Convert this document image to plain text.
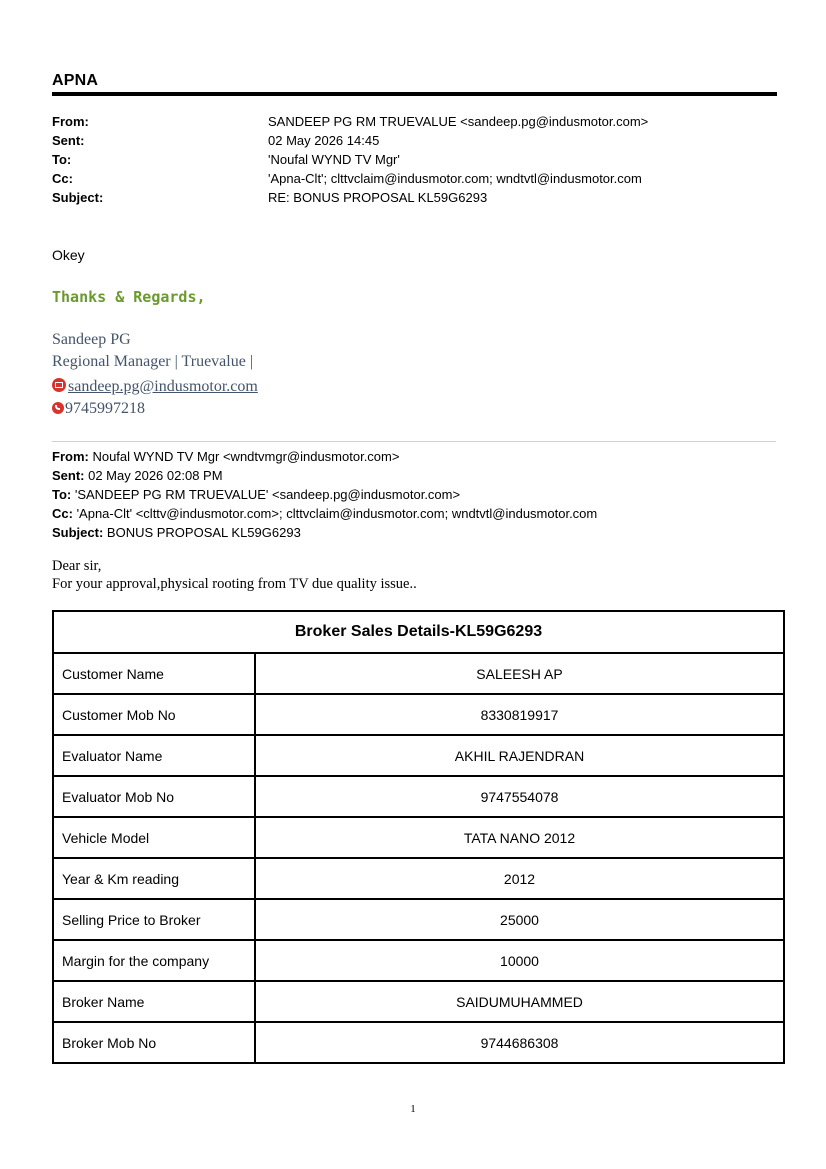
APNA
From:	SANDEEP PG RM TRUEVALUE <sandeep.pg@indusmotor.com>
Sent:	02 May 2026 14:45
To:	'Noufal WYND TV Mgr'
Cc:	'Apna-Clt'; clttvclaim@indusmotor.com; wndtvtl@indusmotor.com
Subject:	RE: BONUS PROPOSAL KL59G6293
Okey
Thanks & Regards,
Sandeep PG
Regional Manager | Truevalue |
sandeep.pg@indusmotor.com
9745997218
From: Noufal WYND TV Mgr <wndtvmgr@indusmotor.com>
Sent: 02 May 2026 02:08 PM
To: 'SANDEEP PG RM TRUEVALUE' <sandeep.pg@indusmotor.com>
Cc: 'Apna-Clt' <clttv@indusmotor.com>; clttvclaim@indusmotor.com; wndtvtl@indusmotor.com
Subject: BONUS PROPOSAL KL59G6293
Dear sir,
For your approval,physical rooting from TV due quality issue..
Broker Sales Details-KL59G6293	
Customer Name	SALEESH AP
Customer Mob No	8330819917
Evaluator Name	AKHIL RAJENDRAN
Evaluator Mob No	9747554078
Vehicle Model	TATA NANO 2012
Year & Km reading	2012
Selling Price to Broker	25000
Margin for the company	10000
Broker Name	SAIDUMUHAMMED
Broker Mob No	9744686308
1
